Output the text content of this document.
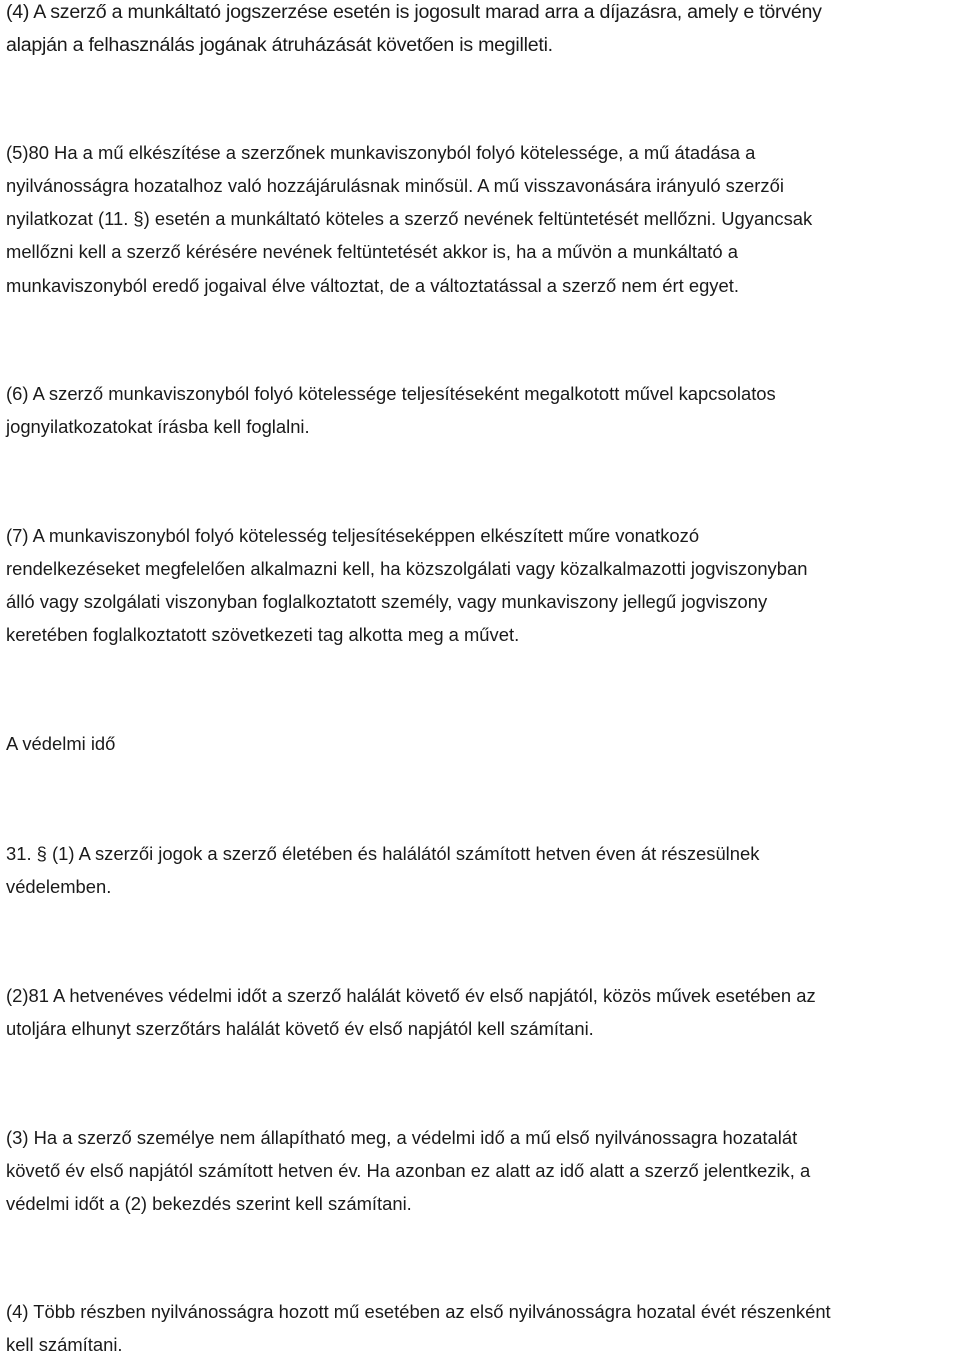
(4) A szerző a munkáltató jogszerzése esetén is jogosult marad arra a díjazásra, amely e törvény
alapján a felhasználás jogának átruházását követően is megilleti.
(5)80 Ha a mű elkészítése a szerzőnek munkaviszonyból folyó kötelessége, a mű átadása a
nyilvánosságra hozatalhoz való hozzájárulásnak minősül. A mű visszavonására irányuló szerzői
nyilatkozat (11. §) esetén a munkáltató köteles a szerző nevének feltüntetését mellőzni. Ugyancsak
mellőzni kell a szerző kérésére nevének feltüntetését akkor is, ha a művön a munkáltató a
munkaviszonyból eredő jogaival élve változtat, de a változtatással a szerző nem ért egyet.
(6) A szerző munkaviszonyból folyó kötelessége teljesítéseként megalkotott művel kapcsolatos
jognyilatkozatokat írásba kell foglalni.
(7) A munkaviszonyból folyó kötelesség teljesítéseképpen elkészített műre vonatkozó
rendelkezéseket megfelelően alkalmazni kell, ha közszolgálati vagy közalkalmazotti jogviszonyban
álló vagy szolgálati viszonyban foglalkoztatott személy, vagy munkaviszony jellegű jogviszony
keretében foglalkoztatott szövetkezeti tag alkotta meg a művet.
A védelmi idő
31. § (1) A szerzői jogok a szerző életében és halálától számított hetven éven át részesülnek
védelemben.
(2)81 A hetvenéves védelmi időt a szerző halálát követő év első napjától, közös művek esetében az
utoljára elhunyt szerzőtárs halálát követő év első napjától kell számítani.
(3) Ha a szerző személye nem állapítható meg, a védelmi idő a mű első nyilvánossagra hozatalát
követő év első napjától számított hetven év. Ha azonban ez alatt az idő alatt a szerző jelentkezik, a
védelmi időt a (2) bekezdés szerint kell számítani.
(4) Több részben nyilvánosságra hozott mű esetében az első nyilvánosságra hozatal évét részenként
kell számítani.
